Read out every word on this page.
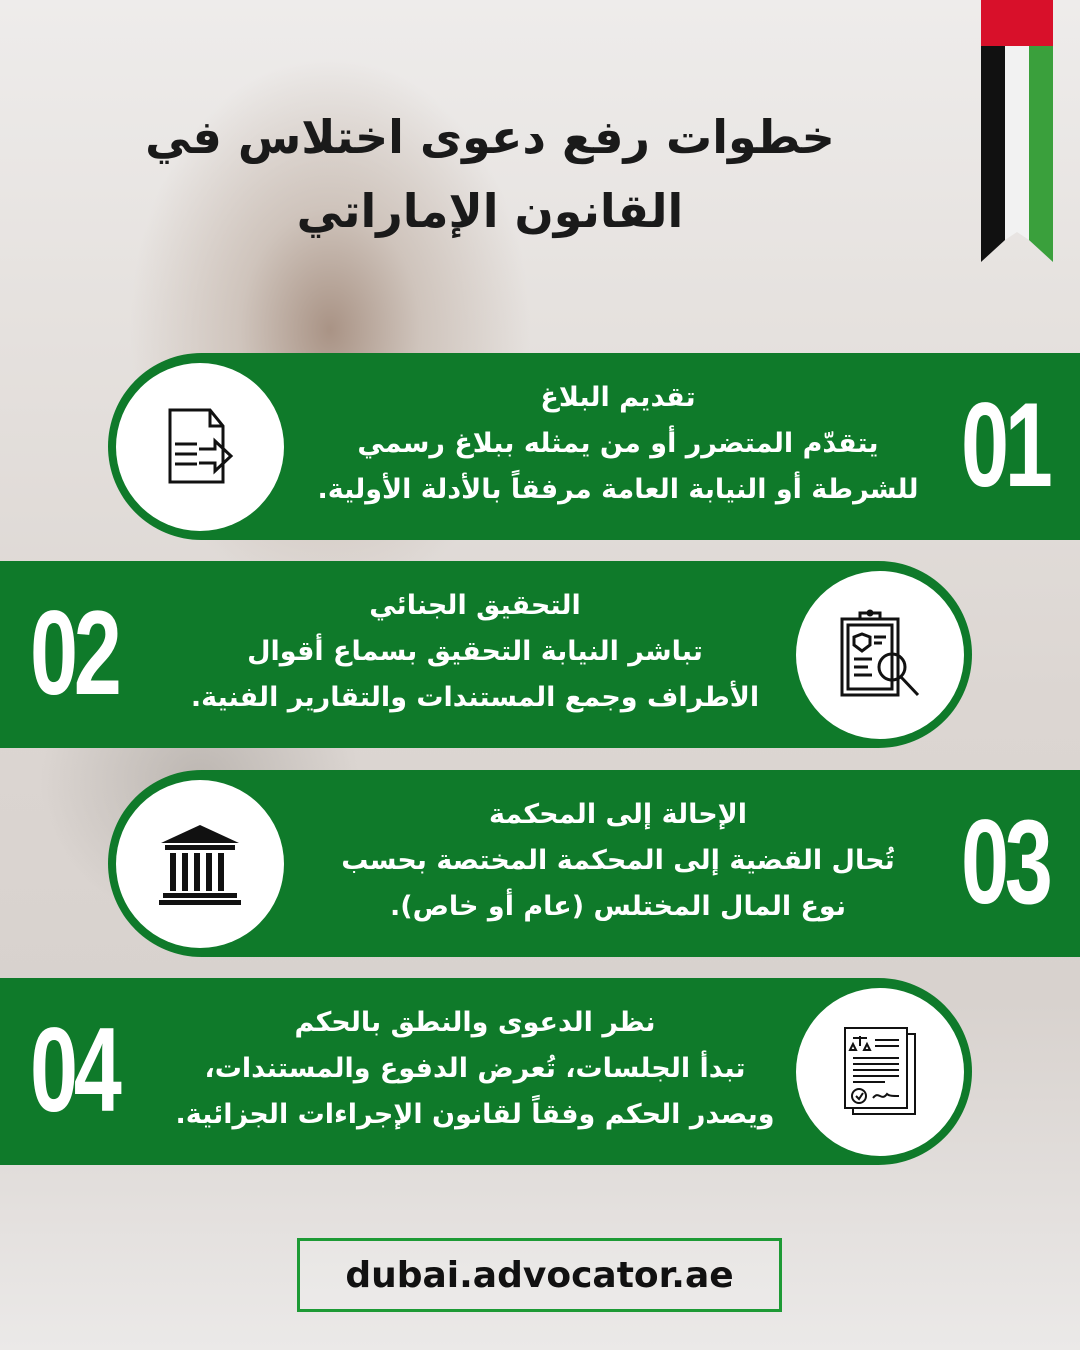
خطوات رفع دعوى اختلاس في
القانون الإماراتي
تقديم البلاغ
يتقدّم المتضرر أو من يمثله ببلاغ رسمي
للشرطة أو النيابة العامة مرفقاً بالأدلة الأولية. 01
02	التحقيق الجنائي
تباشر النيابة التحقيق بسماع أقوال
الأطراف وجمع المستندات والتقارير الفنية.
الإحالة إلى المحكمة
تُحال القضية إلى المحكمة المختصة بحسب
نوع المال المختلس (عام أو خاص). 03
04	نظر الدعوى والنطق بالحكم
تبدأ الجلسات، تُعرض الدفوع والمستندات،
ويصدر الحكم وفقاً لقانون الإجراءات الجزائية.
dubai.advocator.ae
